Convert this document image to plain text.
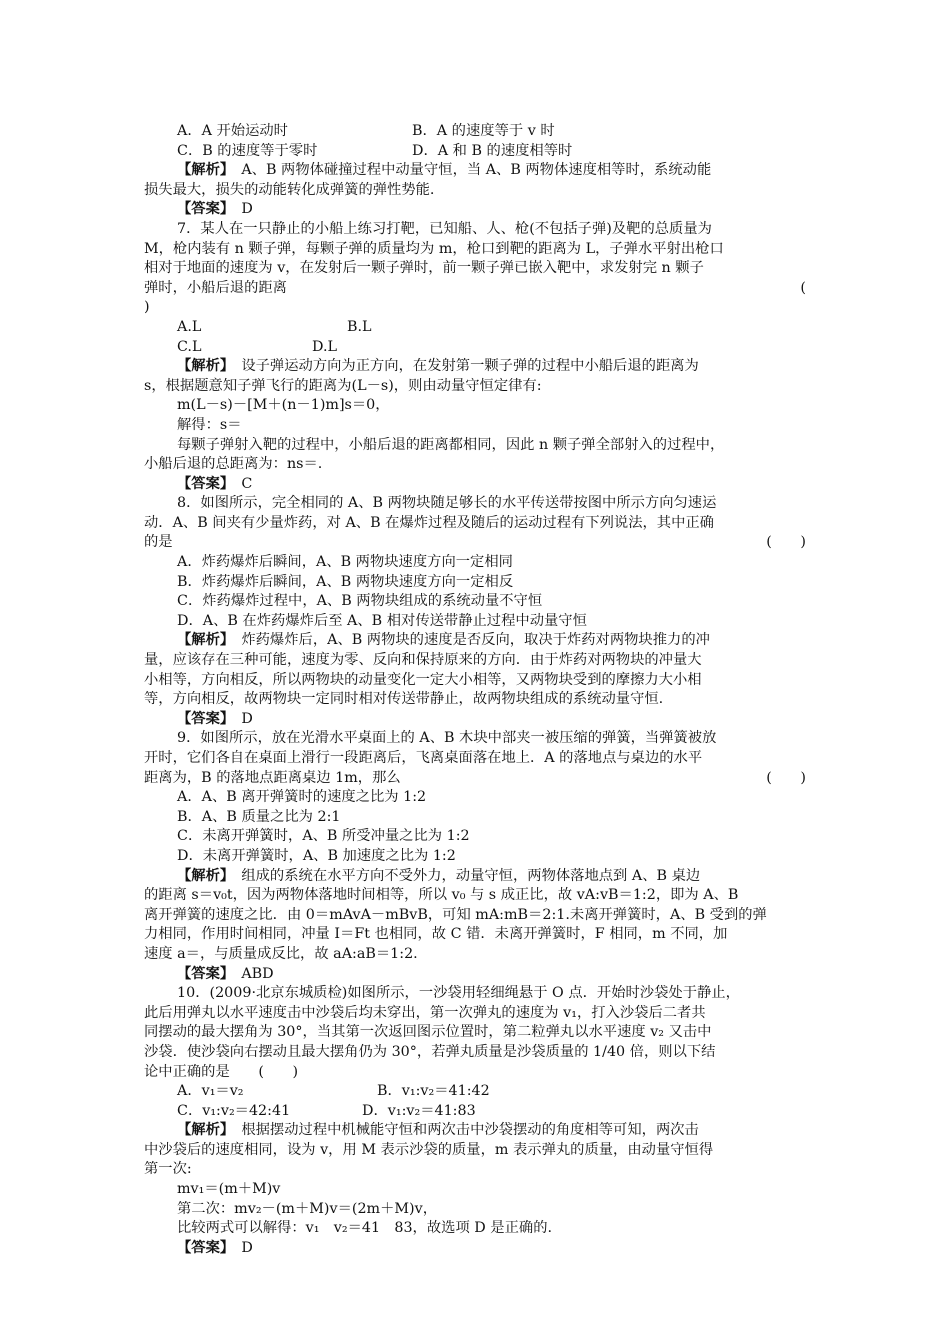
A．A 开始运动时	B．A 的速度等于 v 时
C．B 的速度等于零时	D．A 和 B 的速度相等时
【解析】　A、B 两物体碰撞过程中动量守恒，当 A、B 两物体速度相等时，系统动能
损失最大，损失的动能转化成弹簧的弹性势能.
【答案】　D
7．某人在一只静止的小船上练习打靶，已知船、人、枪(不包括子弹)及靶的总质量为
M，枪内装有 n 颗子弹，每颗子弹的质量均为 m，枪口到靶的距离为 L，子弹水平射出枪口
相对于地面的速度为 v，在发射后一颗子弹时，前一颗子弹已嵌入靶中，求发射完 n 颗子
弹时，小船后退的距离	(
)
A.L	B.L
C.L	D.L
【解析】　设子弹运动方向为正方向，在发射第一颗子弹的过程中小船后退的距离为
s，根据题意知子弹飞行的距离为(L－s)，则由动量守恒定律有:
m(L－s)－[M＋(n－1)m]s＝0，
解得：s＝
每颗子弹射入靶的过程中，小船后退的距离都相同，因此 n 颗子弹全部射入的过程中，
小船后退的总距离为：ns＝.
【答案】　C
8．如图所示，完全相同的 A、B 两物块随足够长的水平传送带按图中所示方向匀速运
动．A、B 间夹有少量炸药，对 A、B 在爆炸过程及随后的运动过程有下列说法，其中正确
的是	(　　)
A．炸药爆炸后瞬间，A、B 两物块速度方向一定相同
B．炸药爆炸后瞬间，A、B 两物块速度方向一定相反
C．炸药爆炸过程中，A、B 两物块组成的系统动量不守恒
D．A、B 在炸药爆炸后至 A、B 相对传送带静止过程中动量守恒
【解析】　炸药爆炸后，A、B 两物块的速度是否反向，取决于炸药对两物块推力的冲
量，应该存在三种可能，速度为零、反向和保持原来的方向．由于炸药对两物块的冲量大
小相等，方向相反，所以两物块的动量变化一定大小相等，又两物块受到的摩擦力大小相
等，方向相反，故两物块一定同时相对传送带静止，故两物块组成的系统动量守恒.
【答案】　D
9．如图所示，放在光滑水平桌面上的 A、B 木块中部夹一被压缩的弹簧，当弹簧被放
开时，它们各自在桌面上滑行一段距离后，飞离桌面落在地上．A 的落地点与桌边的水平
距离为，B 的落地点距离桌边 1m，那么	(　　)
A．A、B 离开弹簧时的速度之比为 1:2
B．A、B 质量之比为 2:1
C．未离开弹簧时，A、B 所受冲量之比为 1:2
D．未离开弹簧时，A、B 加速度之比为 1:2
【解析】　组成的系统在水平方向不受外力，动量守恒，两物体落地点到 A、B 桌边
的距离 s＝v₀t，因为两物体落地时间相等，所以 v₀ 与 s 成正比，故 vA:vB＝1:2，即为 A、B
离开弹簧的速度之比．由 0＝mAvA－mBvB，可知 mA:mB＝2:1.未离开弹簧时，A、B 受到的弹
力相同，作用时间相同，冲量 I＝Ft 也相同，故 C 错．未离开弹簧时，F 相同，m 不同，加
速度 a＝，与质量成反比，故 aA:aB＝1:2.
【答案】　ABD
10．(2009·北京东城质检)如图所示，一沙袋用轻细绳悬于 O 点．开始时沙袋处于静止，
此后用弹丸以水平速度击中沙袋后均未穿出，第一次弹丸的速度为 v₁，打入沙袋后二者共
同摆动的最大摆角为 30°，当其第一次返回图示位置时，第二粒弹丸以水平速度 v₂ 又击中
沙袋．使沙袋向右摆动且最大摆角仍为 30°，若弹丸质量是沙袋质量的 1/40 倍，则以下结
论中正确的是　　(　　)
A．v₁＝v₂	B．v₁:v₂＝41:42
C．v₁:v₂＝42:41	D．v₁:v₂＝41:83
【解析】　根据摆动过程中机械能守恒和两次击中沙袋摆动的角度相等可知，两次击
中沙袋后的速度相同，设为 v，用 M 表示沙袋的质量，m 表示弹丸的质量，由动量守恒得
第一次:
mv₁＝(m＋M)v
第二次：mv₂－(m＋M)v＝(2m＋M)v，
比较两式可以解得：v₁　v₂＝41　83，故选项 D 是正确的.
【答案】　D
